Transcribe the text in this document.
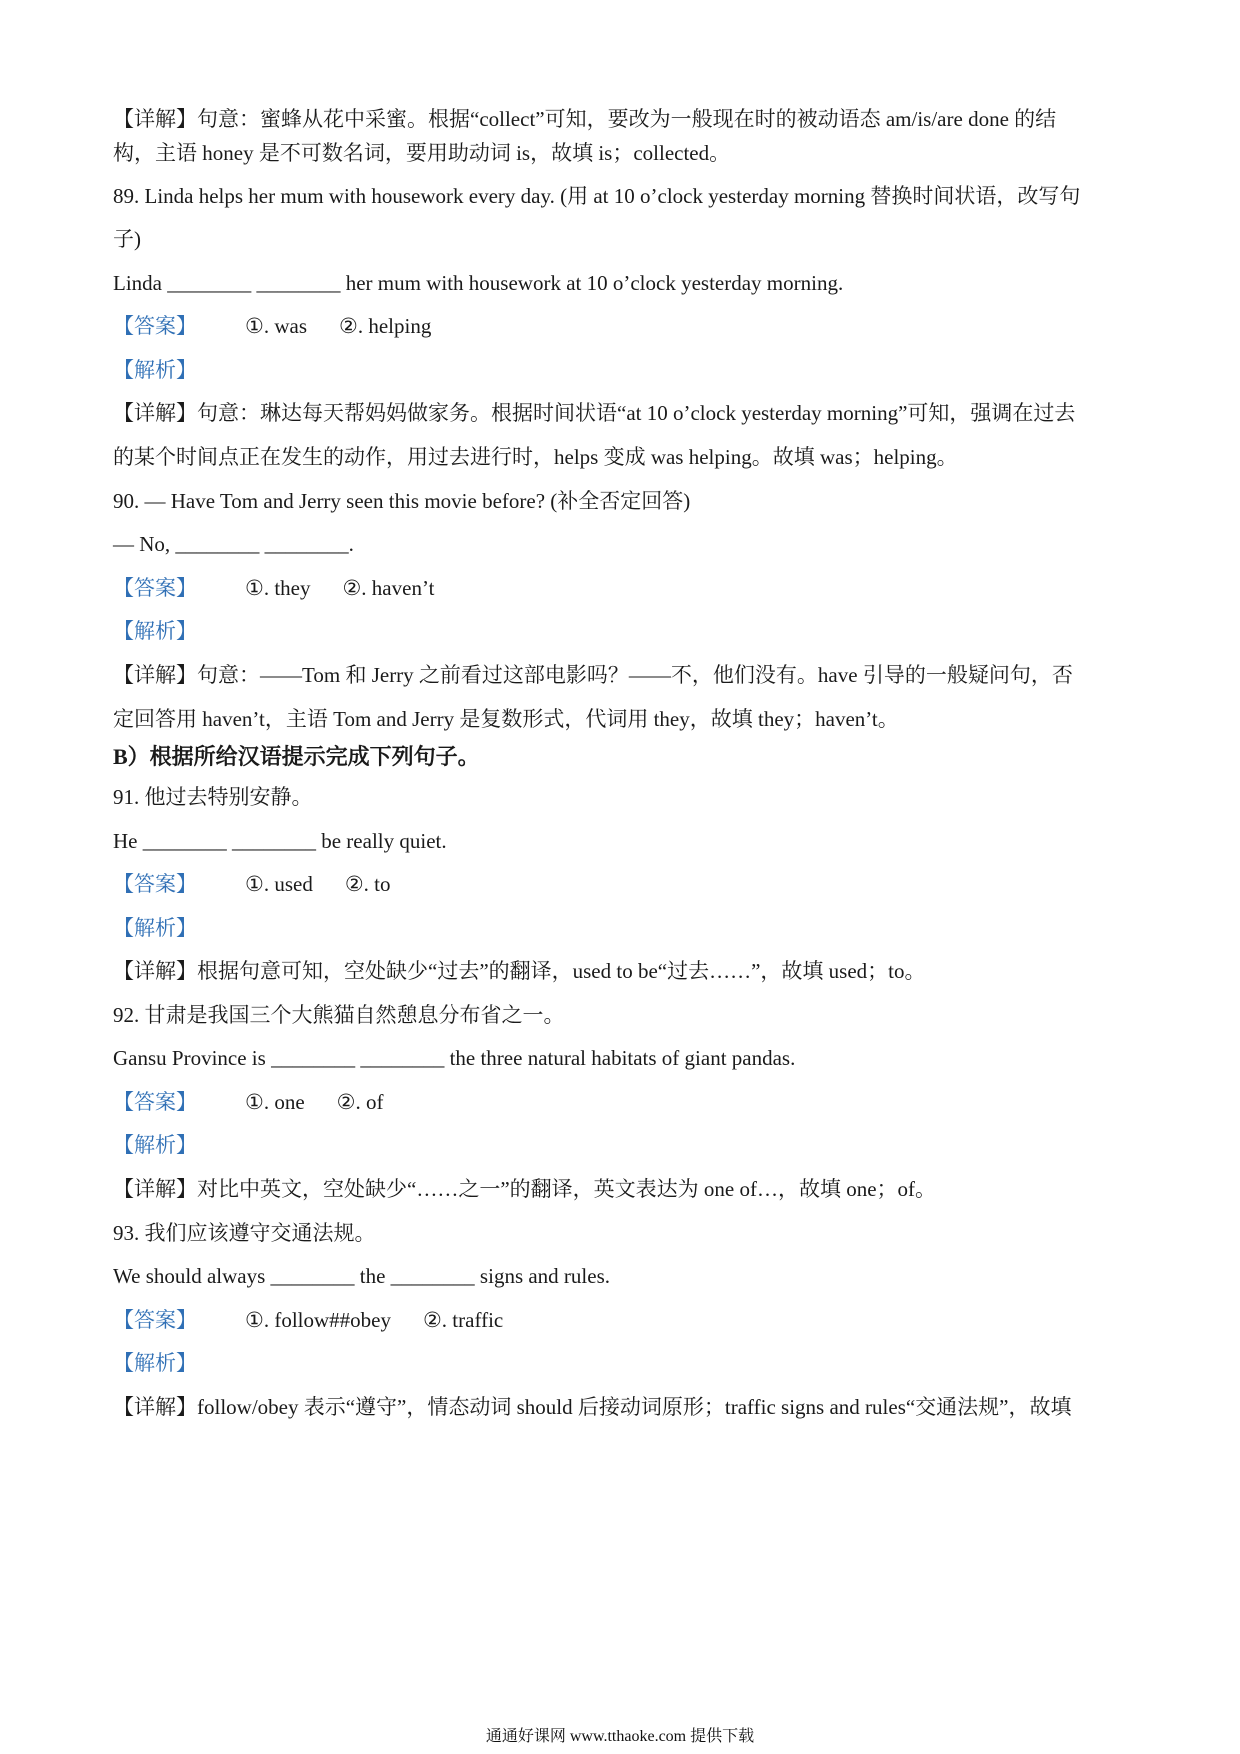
【详解】句意：蜜蜂从花中采蜜。根据“collect”可知，要改为一般现在时的被动语态 am/is/are done 的结
构，主语 honey 是不可数名词，要用助动词 is，故填 is；collected。
89. Linda helps her mum with housework every day. (用 at 10 o’clock yesterday morning 替换时间状语，改写句
子)
Linda ________ ________ her mum with housework at 10 o’clock yesterday morning.
【答案】 ①. was ②. helping
【解析】
【详解】句意：琳达每天帮妈妈做家务。根据时间状语“at 10 o’clock yesterday morning”可知，强调在过去
的某个时间点正在发生的动作，用过去进行时，helps 变成 was helping。故填 was；helping。
90. — Have Tom and Jerry seen this movie before? (补全否定回答)
— No, ________ ________.
【答案】 ①. they ②. haven’t
【解析】
【详解】句意：——Tom 和 Jerry 之前看过这部电影吗？——不，他们没有。have 引导的一般疑问句，否
定回答用 haven’t，主语 Tom and Jerry 是复数形式，代词用 they，故填 they；haven’t。
B）根据所给汉语提示完成下列句子。
91. 他过去特别安静。
He ________ ________ be really quiet.
【答案】 ①. used ②. to
【解析】
【详解】根据句意可知，空处缺少“过去”的翻译，used to be“过去……”，故填 used；to。
92. 甘肃是我国三个大熊猫自然憩息分布省之一。
Gansu Province is ________ ________ the three natural habitats of giant pandas.
【答案】 ①. one ②. of
【解析】
【详解】对比中英文，空处缺少“……之一”的翻译，英文表达为 one of…，故填 one；of。
93. 我们应该遵守交通法规。
We should always ________ the ________ signs and rules.
【答案】 ①. follow##obey ②. traffic
【解析】
【详解】follow/obey 表示“遵守”，情态动词 should 后接动词原形；traffic signs and rules“交通法规”，故填
通通好课网 www.tthaoke.com 提供下载
